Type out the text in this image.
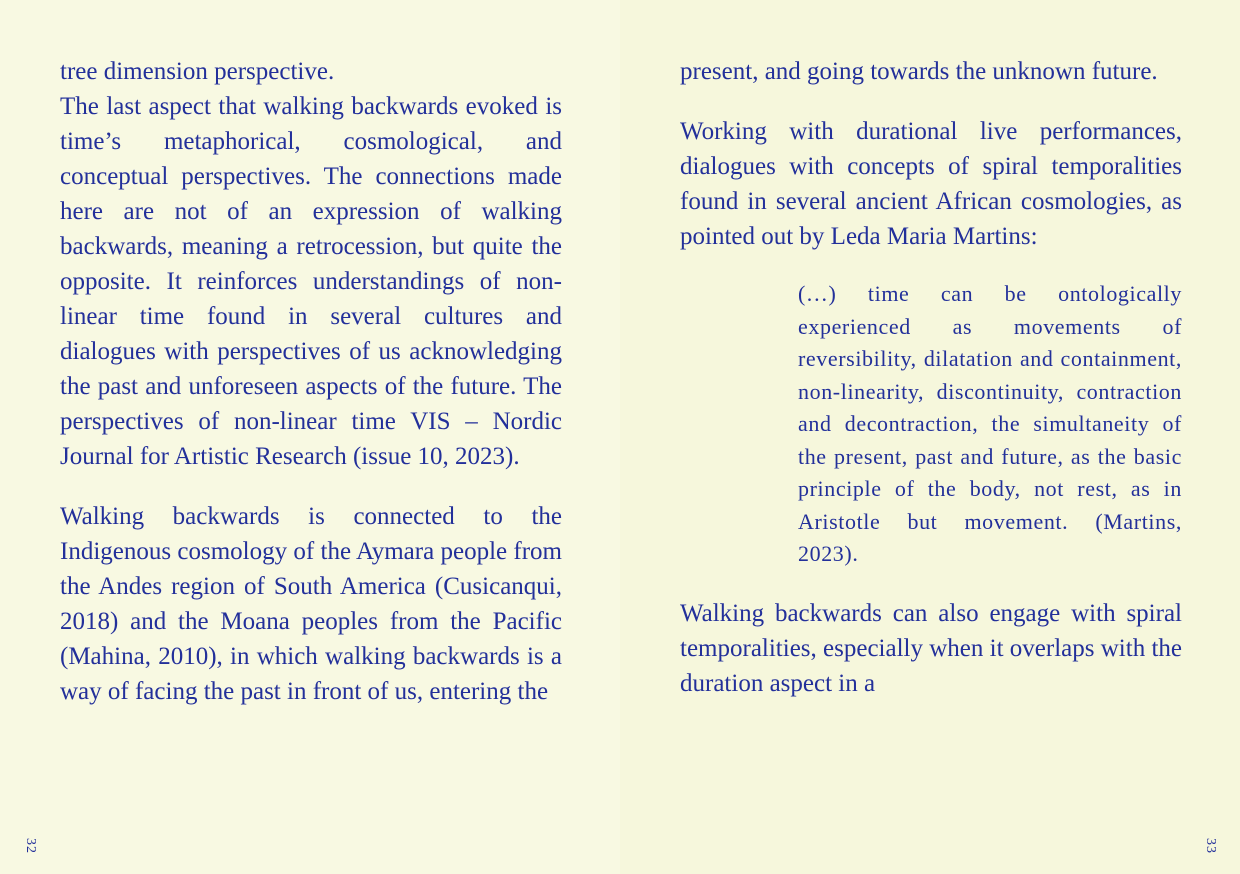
tree dimension perspective.

The last aspect that walking backwards evoked is time’s metaphorical, cosmological, and conceptual perspectives. The connections made here are not of an expression of walking backwards, meaning a retrocession, but quite the opposite. It reinforces understandings of non-linear time found in several cultures and dialogues with perspectives of us acknowledging the past and unforeseen aspects of the future. The perspectives of non-linear time VIS – Nordic Journal for Artistic Research (issue 10, 2023).

Walking backwards is connected to the Indigenous cosmology of the Aymara people from the Andes region of South America (Cusicanqui, 2018) and the Moana peoples from the Pacific (Mahina, 2010), in which walking backwards is a way of facing the past in front of us, entering the

32

present, and going towards the unknown future.

Working with durational live performances, dialogues with concepts of spiral temporalities found in several ancient African cosmologies, as pointed out by Leda Maria Martins:

(…) time can be ontologically experienced as movements of reversibility, dilatation and containment, non-linearity, discontinuity, contraction and decontraction, the simultaneity of the present, past and future, as the basic principle of the body, not rest, as in Aristotle but movement. (Martins, 2023).

Walking backwards can also engage with spiral temporalities, especially when it overlaps with the duration aspect in a

33
